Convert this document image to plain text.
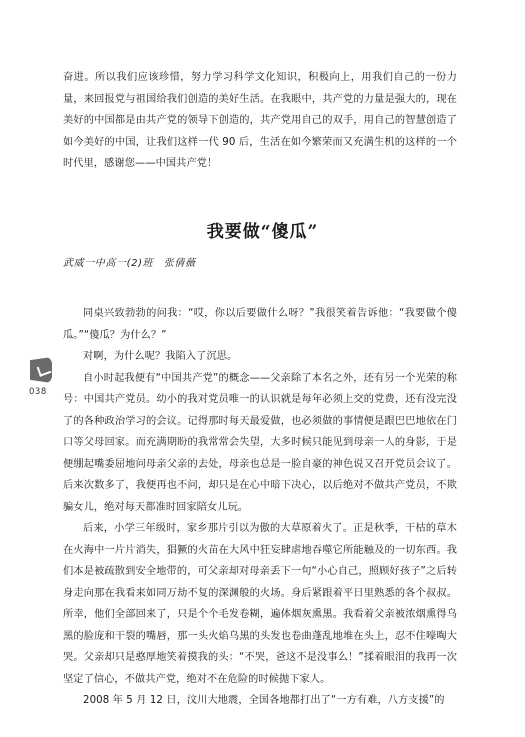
奋进。所以我们应该珍惜，努力学习科学文化知识，积极向上，用我们自己的一份力量，来回报党与祖国给我们创造的美好生活。在我眼中，共产党的力量是强大的，现在美好的中国都是由共产党的领导下创造的，共产党用自己的双手，用自己的智慧创造了如今美好的中国，让我们这样一代 90 后，生活在如今繁荣而又充满生机的这样的一个时代里，感谢您——中国共产党！

我要做“傻瓜”

武威一中高一(2)班　张倩薇

同桌兴致勃勃的问我：“哎，你以后要做什么呀？”我很笑着告诉他：“我要做个傻瓜。”“傻瓜？为什么？”

对啊，为什么呢？我陷入了沉思。

自小时起我便有“中国共产党”的概念——父亲除了本名之外，还有另一个光荣的称号：中国共产党员。幼小的我对党员唯一的认识就是每年必须上交的党费，还有没完没了的各种政治学习的会议。记得那时每天最爱做，也必须做的事情便是跟巴巴地依在门口等父母回家。而充满期盼的我常常会失望，大多时候只能见到母亲一人的身影，于是便绷起嘴委屈地问母亲父亲的去处，母亲也总是一脸自豪的神色说又召开党员会议了。后来次数多了，我便再也不问，却只是在心中暗下决心，以后绝对不做共产党员，不欺骗女儿，绝对每天都准时回家陪女儿玩。

后来，小学三年级时，家乡那片引以为傲的大草原着火了。正是秋季，干枯的草木在火海中一片片消失，猖獗的火苗在大风中狂妄肆虐地吞噬它所能触及的一切东西。我们本是被疏散到安全地带的，可父亲却对母亲丢下一句“小心自己，照顾好孩子”之后转身走向那在我看来如同万劫不复的深渊般的火场。身后紧跟着平日里熟悉的各个叔叔。所幸，他们全部回来了，只是个个毛发卷糊，遍体烟灰熏黑。我看着父亲被浓烟熏得乌黑的脸庞和干裂的嘴唇，那一头火焰乌黑的头发也卷曲蓬乱地堆在头上，忍不住嚎啕大哭。父亲却只是憨厚地笑着摸我的头：“不哭，爸这不是没事么！”揉着眼泪的我再一次坚定了信心，不做共产党，绝对不在危险的时候抛下家人。

2008 年 5 月 12 日，汶川大地震，全国各地都打出了“一方有难，八方支援”的

038
